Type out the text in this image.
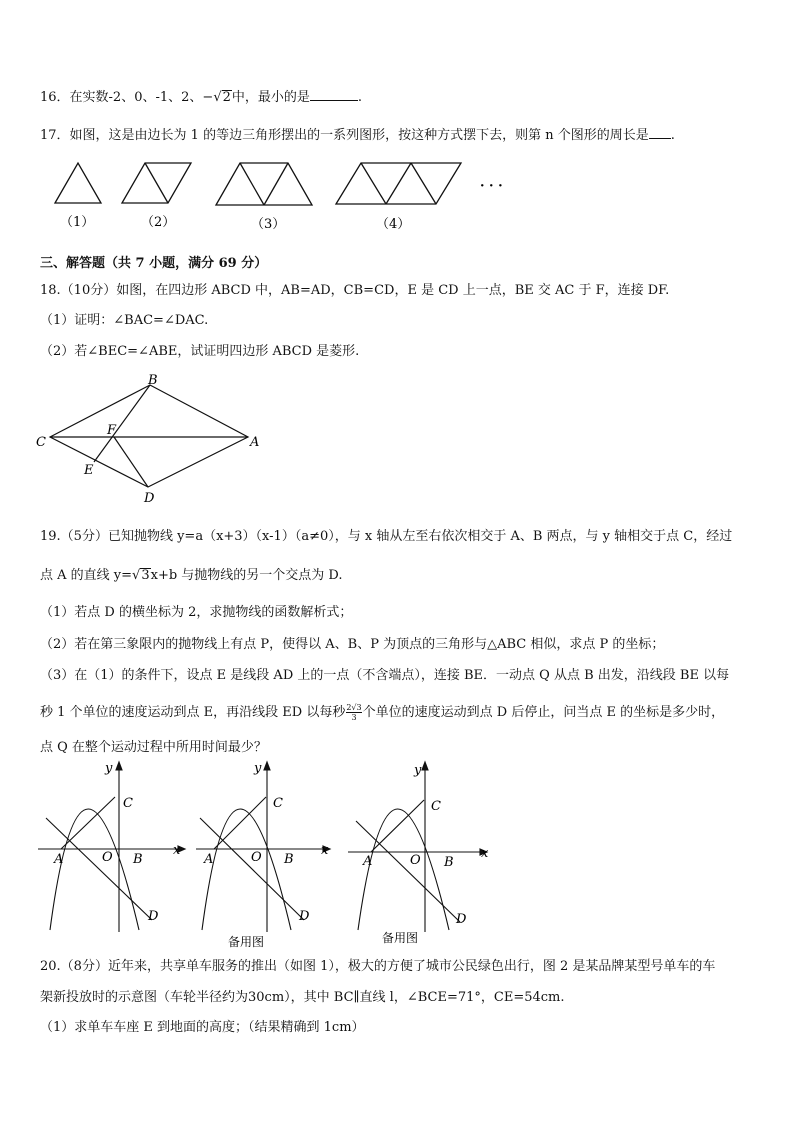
16．在实数-2、0、-1、2、−√2中，最小的是	.
17．如图，这是由边长为 1 的等边三角形摆出的一系列图形，按这种方式摆下去，则第 n 个图形的周长是 .
（1）	（2）	（3）	（4）
· · ·
三、解答题（共 7 小题，满分 69 分）
18.（10分）如图，在四边形 ABCD 中，AB=AD，CB=CD，E 是 CD 上一点，BE 交 AC 于 F，连接 DF.
（1）证明：∠BAC=∠DAC.
（2）若∠BEC=∠ABE，试证明四边形 ABCD 是菱形.
B
C	A
F
E
D
19.（5分）已知抛物线 y=a（x+3）（x-1）（a≠0），与 x 轴从左至右依次相交于 A、B 两点，与 y 轴相交于点 C，经过
点 A 的直线 y=√3x+b 与抛物线的另一个交点为 D.
（1）若点 D 的横坐标为 2，求抛物线的函数解析式；
（2）若在第三象限内的抛物线上有点 P，使得以 A、B、P 为顶点的三角形与△ABC 相似，求点 P 的坐标；
（3）在（1）的条件下，设点 E 是线段 AD 上的一点（不含端点），连接 BE．一动点 Q 从点 B 出发，沿线段 BE 以每
秒 1 个单位的速度运动到点 E，再沿线段 ED 以每秒 $\frac{2√3}{3}$ 个单位的速度运动到点 D 后停止，问当点 E 的坐标是多少时，
点 Q 在整个运动过程中所用时间最少？
y
x
A	O B
C
D
y
x
A	O B
C
D
备用图
y
x
A	O B
C
D
备用图
20.（8分）近年来，共享单车服务的推出（如图 1），极大的方便了城市公民绿色出行，图 2 是某品牌某型号单车的车
架新投放时的示意图（车轮半径约为30cm），其中 BC∥直线 l，∠BCE=71°，CE=54cm.
（1）求单车车座 E 到地面的高度；（结果精确到 1cm）
